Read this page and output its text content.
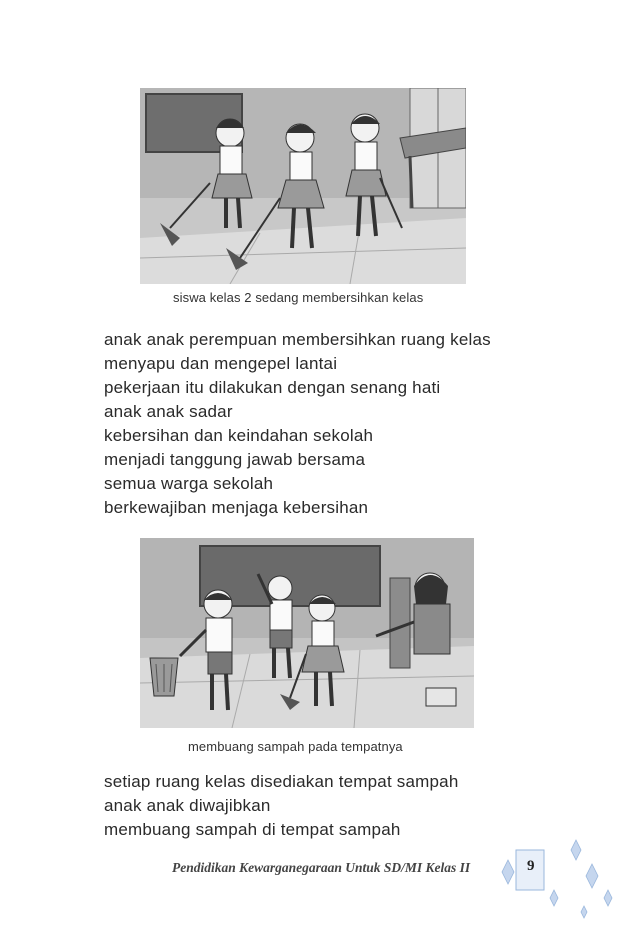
siswa kelas 2 sedang membersihkan kelas
anak anak perempuan membersihkan ruang kelas
menyapu dan mengepel lantai
pekerjaan itu dilakukan dengan senang hati
anak anak sadar
kebersihan dan keindahan sekolah
menjadi tanggung jawab bersama
semua warga sekolah
berkewajiban menjaga kebersihan
membuang sampah pada tempatnya
setiap ruang kelas disediakan tempat sampah
anak anak diwajibkan
membuang sampah di tempat sampah
Pendidikan Kewarganegaraan Untuk SD/MI Kelas II	9
